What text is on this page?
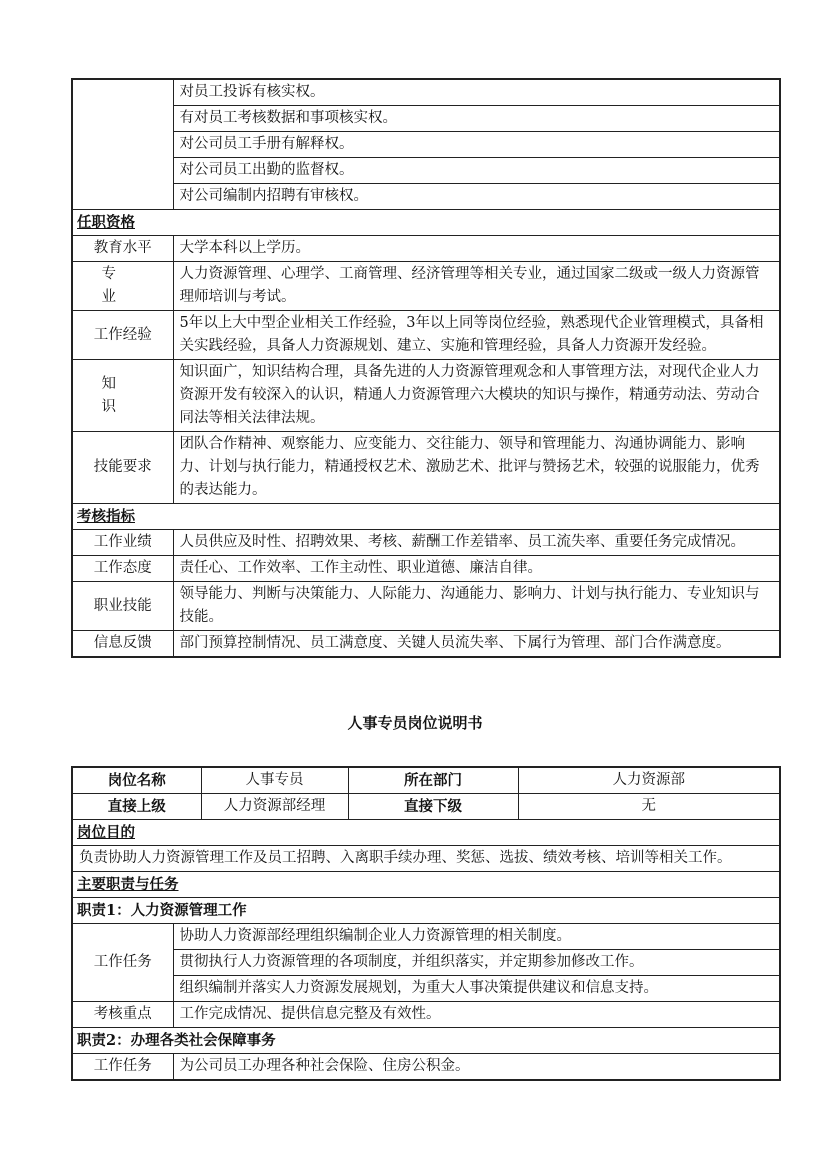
	对员工投诉有核实权。
	有对员工考核数据和事项核实权。
	对公司员工手册有解释权。
	对公司员工出勤的监督权。
	对公司编制内招聘有审核权。
任职资格	
教育水平	大学本科以上学历。
专　业	人力资源管理、心理学、工商管理、经济管理等相关专业，通过国家二级或一级人力资源管理师培训与考试。
工作经验	5年以上大中型企业相关工作经验，3年以上同等岗位经验，熟悉现代企业管理模式，具备相关实践经验，具备人力资源规划、建立、实施和管理经验，具备人力资源开发经验。
知　识	知识面广，知识结构合理，具备先进的人力资源管理观念和人事管理方法，对现代企业人力资源开发有较深入的认识，精通人力资源管理六大模块的知识与操作，精通劳动法、劳动合同法等相关法律法规。
技能要求	团队合作精神、观察能力、应变能力、交往能力、领导和管理能力、沟通协调能力、影响力、计划与执行能力，精通授权艺术、激励艺术、批评与赞扬艺术，较强的说服能力，优秀的表达能力。
考核指标	
工作业绩	人员供应及时性、招聘效果、考核、薪酬工作差错率、员工流失率、重要任务完成情况。
工作态度	责任心、工作效率、工作主动性、职业道德、廉洁自律。
职业技能	领导能力、判断与决策能力、人际能力、沟通能力、影响力、计划与执行能力、专业知识与技能。
信息反馈	部门预算控制情况、员工满意度、关键人员流失率、下属行为管理、部门合作满意度。
人事专员岗位说明书
岗位名称		人事专员	所在部门	人力资源部
直接上级		人力资源部经理	直接下级	无
岗位目的				
负责协助人力资源管理工作及员工招聘、入离职手续办理、奖惩、选拔、绩效考核、培训等相关工作。				
主要职责与任务				
职责1：人力资源管理工作				
工作任务	协助人力资源部经理组织编制企业人力资源管理的相关制度。			
	贯彻执行人力资源管理的各项制度，并组织落实，并定期参加修改工作。			
	组织编制并落实人力资源发展规划，为重大人事决策提供建议和信息支持。			
考核重点	工作完成情况、提供信息完整及有效性。			
职责2：办理各类社会保障事务				
工作任务	为公司员工办理各种社会保险、住房公积金。			
